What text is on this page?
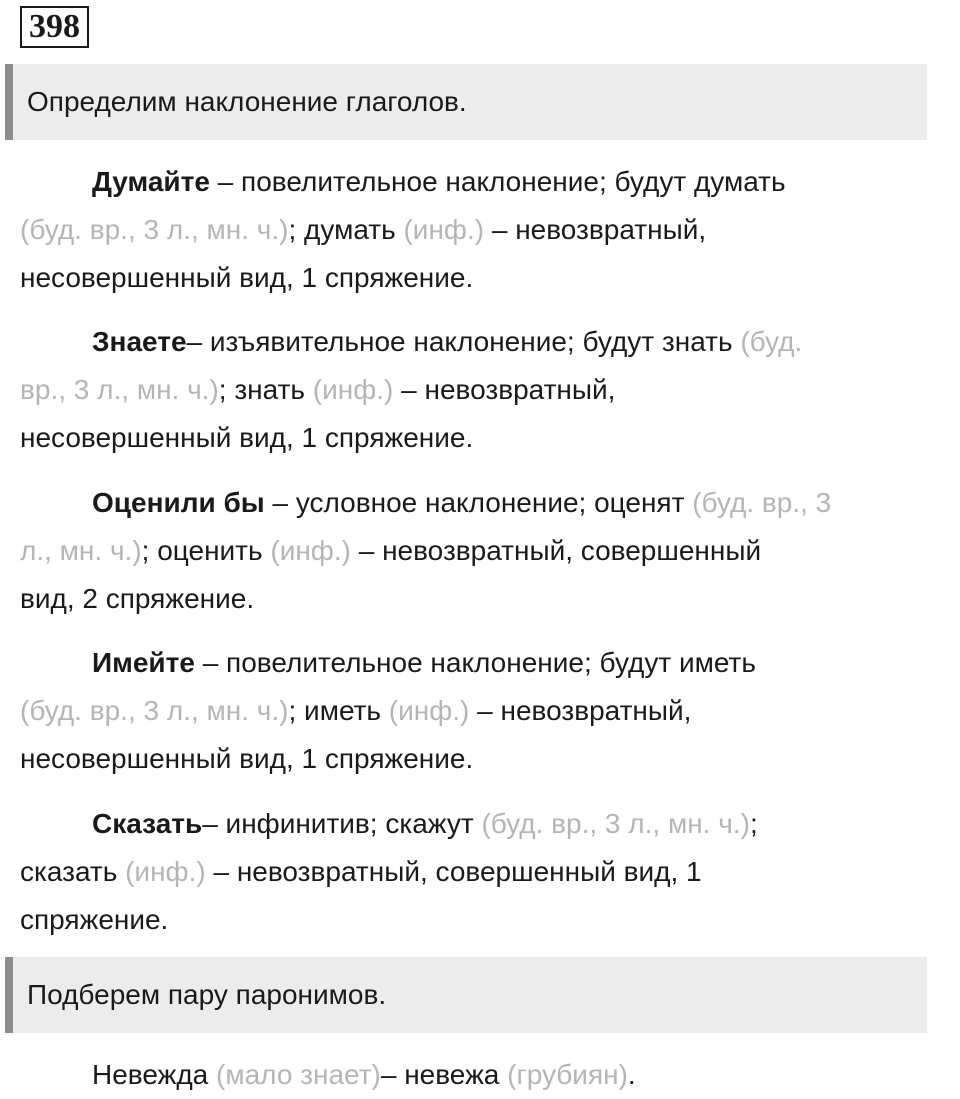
398
Определим наклонение глаголов.

Думайте – повелительное наклонение; будут думать
(буд. вр., 3 л., мн. ч.); думать (инф.) – невозвратный,
несовершенный вид, 1 спряжение.

Знаете– изъявительное наклонение; будут знать (буд.
вр., 3 л., мн. ч.); знать (инф.) – невозвратный,
несовершенный вид, 1 спряжение.

Оценили бы – условное наклонение; оценят (буд. вр., 3
л., мн. ч.); оценить (инф.) – невозвратный, совершенный
вид, 2 спряжение.

Имейте – повелительное наклонение; будут иметь
(буд. вр., 3 л., мн. ч.); иметь (инф.) – невозвратный,
несовершенный вид, 1 спряжение.

Сказать– инфинитив; скажут (буд. вр., 3 л., мн. ч.);
сказать (инф.) – невозвратный, совершенный вид, 1
спряжение.

Подберем пару паронимов.

Невежда (мало знает)– невежа (грубиян).
